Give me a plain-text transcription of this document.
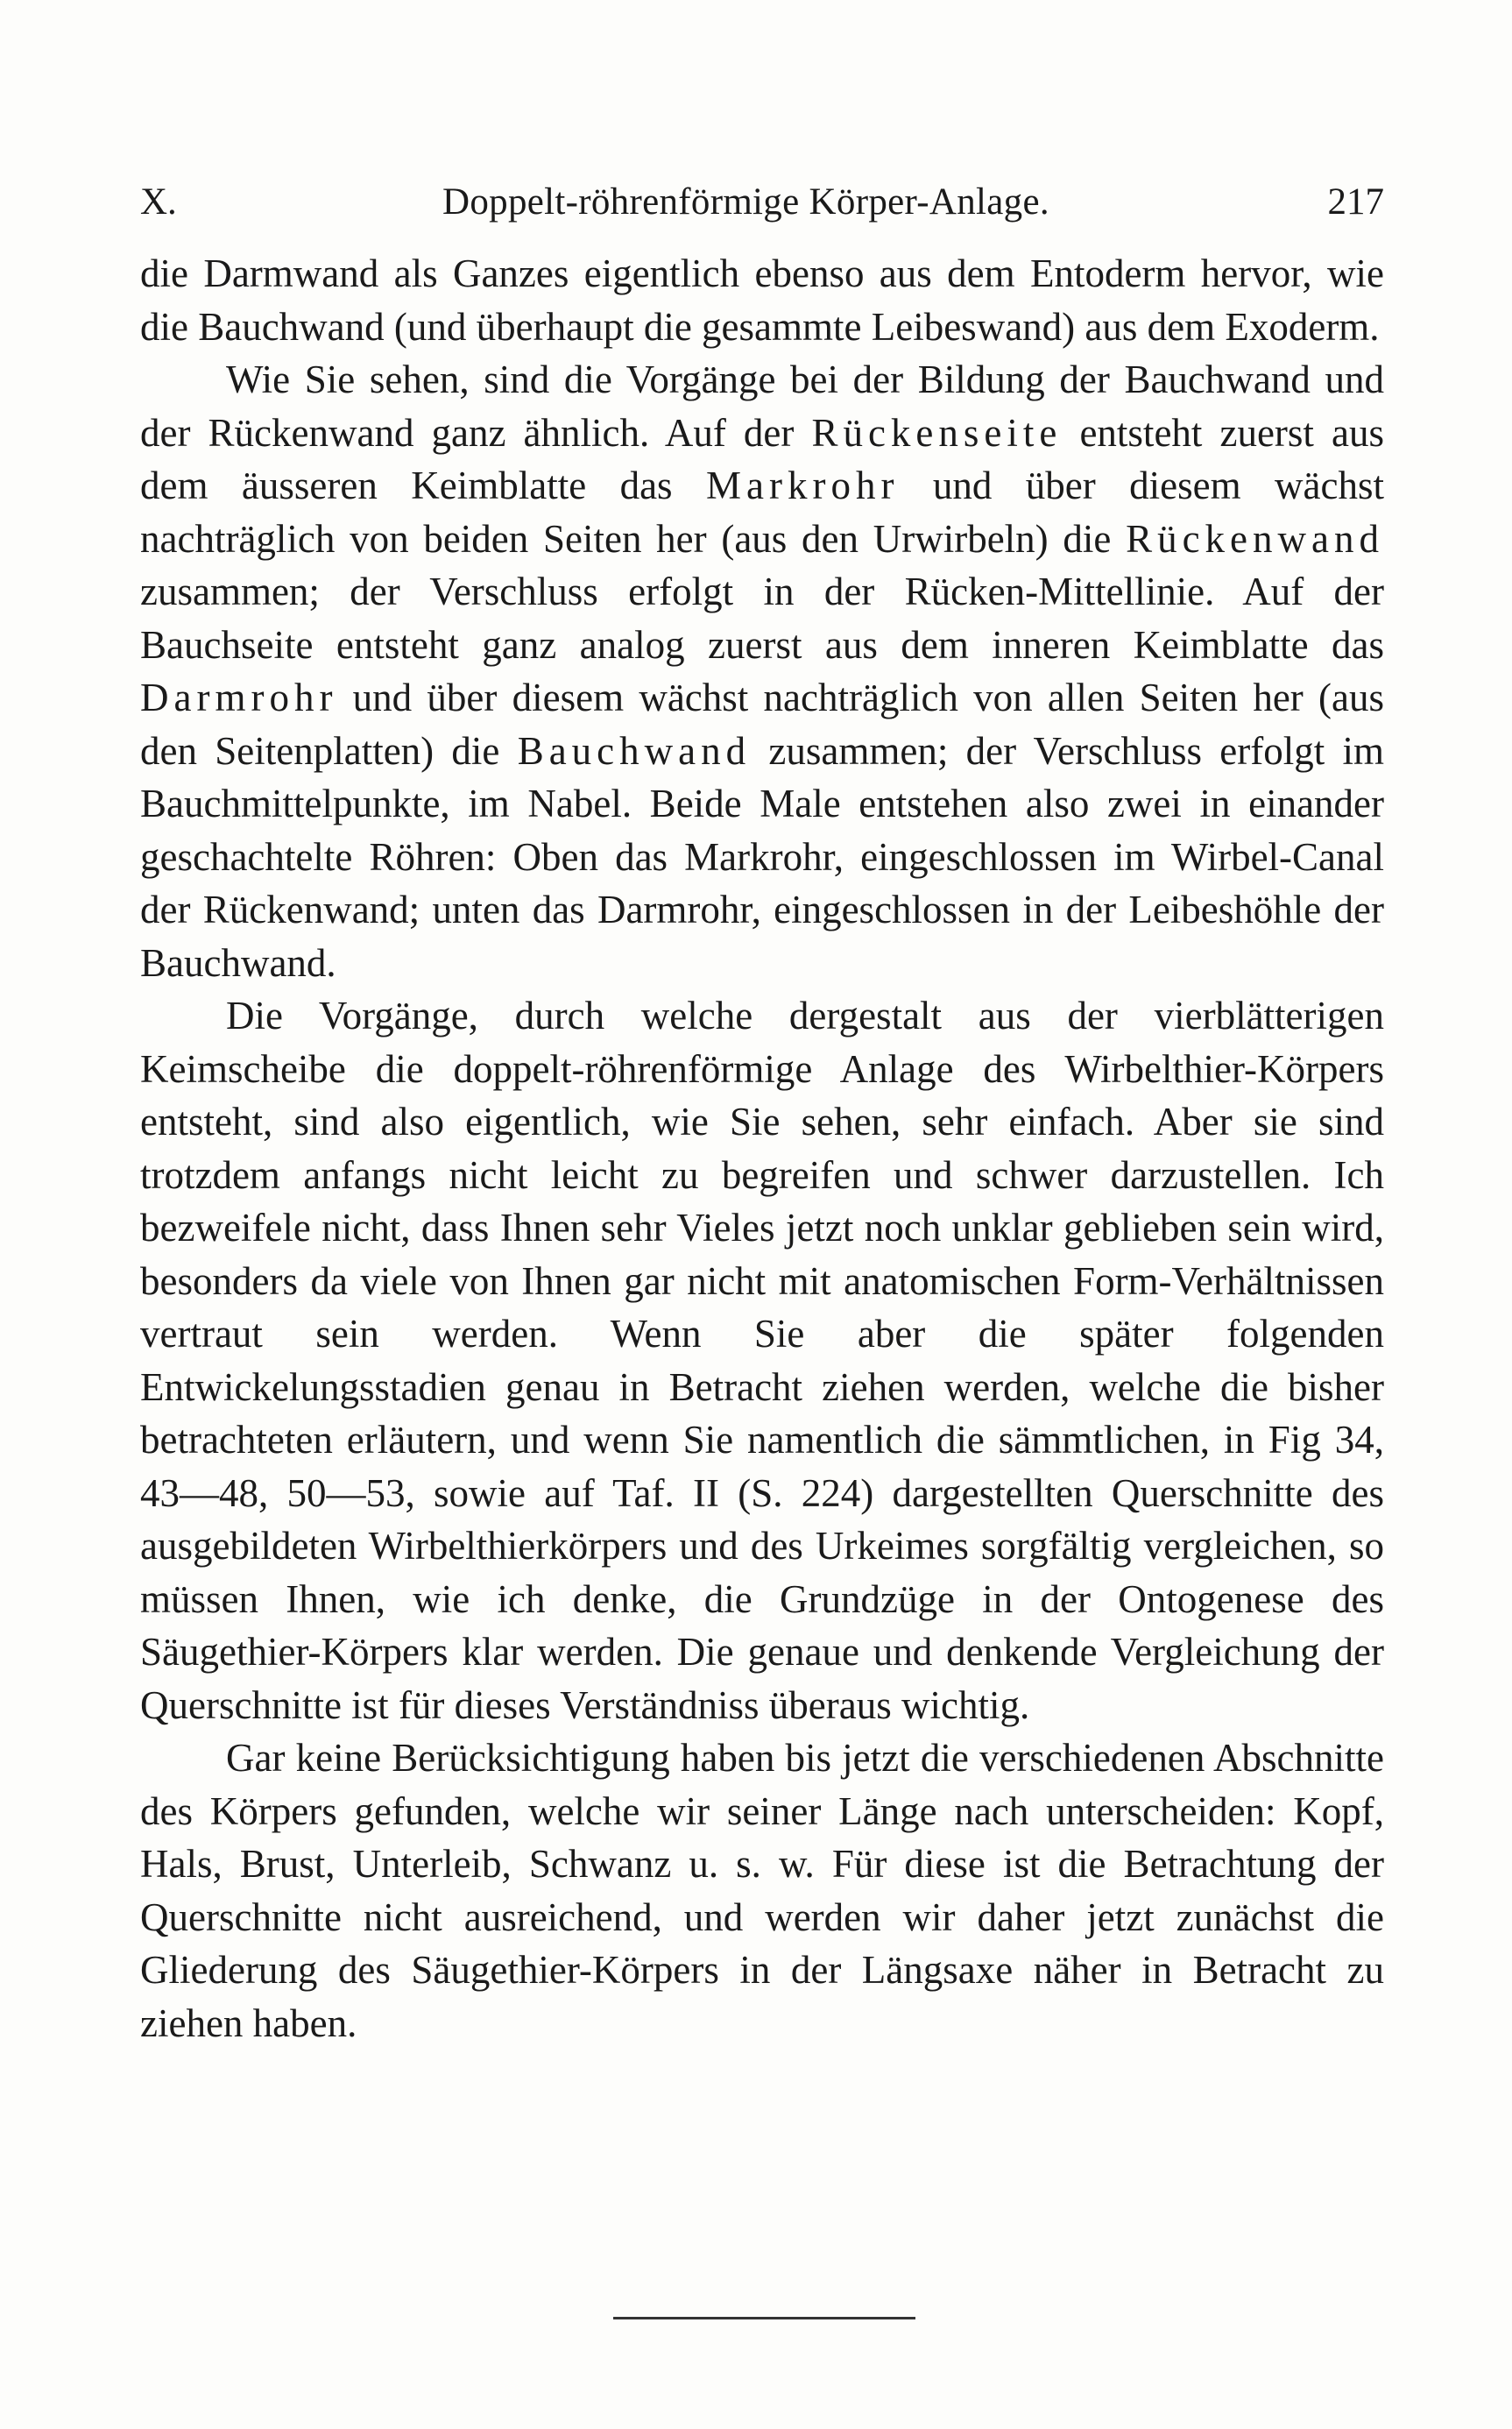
X.	Doppelt-röhrenförmige Körper-Anlage.	217

die Darmwand als Ganzes eigentlich ebenso aus dem Entoderm hervor, wie die Bauchwand (und überhaupt die gesammte Leibeswand) aus dem Exoderm.

Wie Sie sehen, sind die Vorgänge bei der Bildung der Bauchwand und der Rückenwand ganz ähnlich. Auf der Rückenseite entsteht zuerst aus dem äusseren Keimblatte das Markrohr und über diesem wächst nachträglich von beiden Seiten her (aus den Urwirbeln) die Rückenwand zusammen; der Verschluss erfolgt in der Rücken-Mittellinie. Auf der Bauchseite entsteht ganz analog zuerst aus dem inneren Keimblatte das Darmrohr und über diesem wächst nachträglich von allen Seiten her (aus den Seitenplatten) die Bauchwand zusammen; der Verschluss erfolgt im Bauchmittelpunkte, im Nabel. Beide Male entstehen also zwei in einander geschachtelte Röhren: Oben das Markrohr, eingeschlossen im Wirbel-Canal der Rückenwand; unten das Darmrohr, eingeschlossen in der Leibeshöhle der Bauchwand.

Die Vorgänge, durch welche dergestalt aus der vierblätterigen Keimscheibe die doppelt-röhrenförmige Anlage des Wirbelthier-Körpers entsteht, sind also eigentlich, wie Sie sehen, sehr einfach. Aber sie sind trotzdem anfangs nicht leicht zu begreifen und schwer darzustellen. Ich bezweifele nicht, dass Ihnen sehr Vieles jetzt noch unklar geblieben sein wird, besonders da viele von Ihnen gar nicht mit anatomischen Form-Verhältnissen vertraut sein werden. Wenn Sie aber die später folgenden Entwickelungsstadien genau in Betracht ziehen werden, welche die bisher betrachteten erläutern, und wenn Sie namentlich die sämmtlichen, in Fig 34, 43—48, 50—53, sowie auf Taf. II (S. 224) dargestellten Querschnitte des ausgebildeten Wirbelthierkörpers und des Urkeimes sorgfältig vergleichen, so müssen Ihnen, wie ich denke, die Grundzüge in der Ontogenese des Säugethier-Körpers klar werden. Die genaue und denkende Vergleichung der Querschnitte ist für dieses Verständniss überaus wichtig.

Gar keine Berücksichtigung haben bis jetzt die verschiedenen Abschnitte des Körpers gefunden, welche wir seiner Länge nach unterscheiden: Kopf, Hals, Brust, Unterleib, Schwanz u. s. w. Für diese ist die Betrachtung der Querschnitte nicht ausreichend, und werden wir daher jetzt zunächst die Gliederung des Säugethier-Körpers in der Längsaxe näher in Betracht zu ziehen haben.
